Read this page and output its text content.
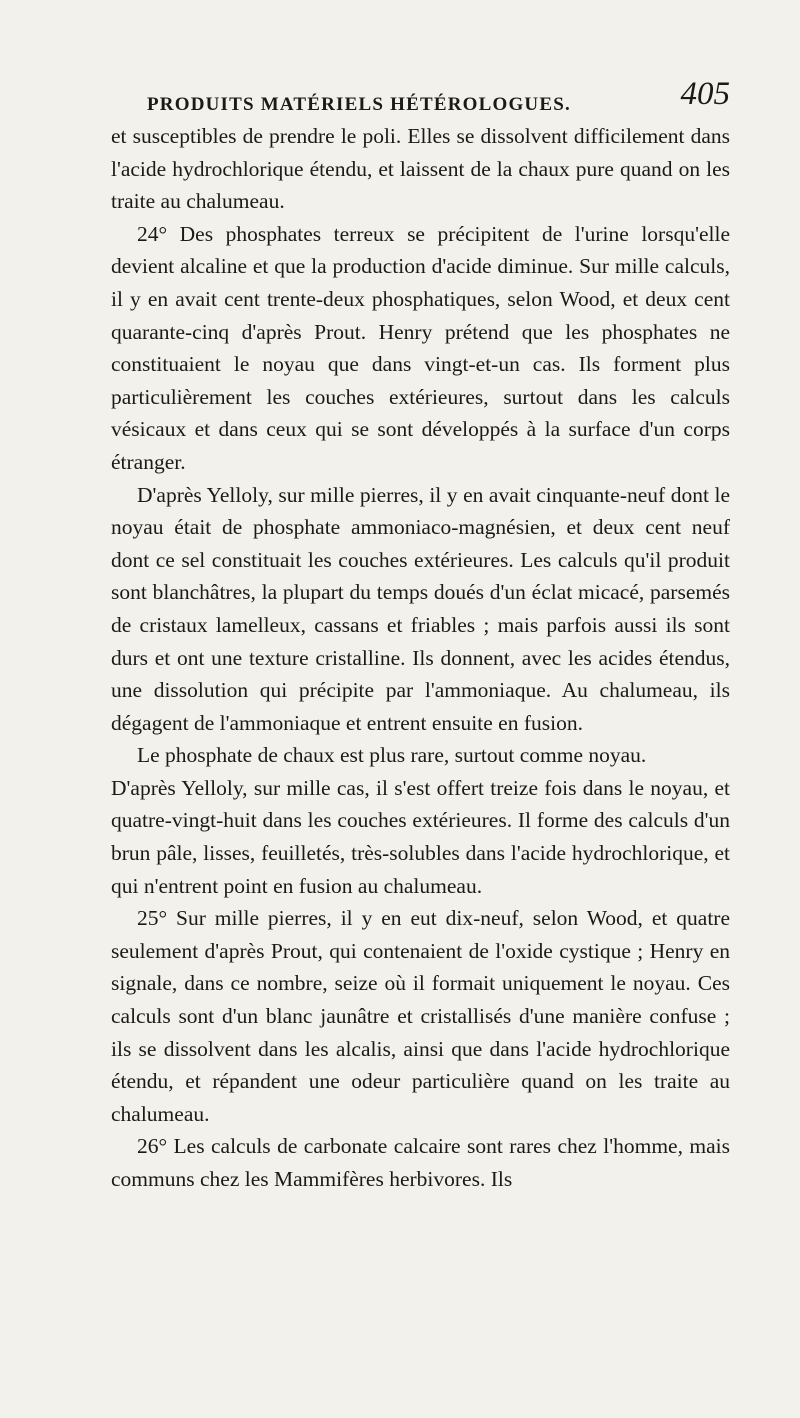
PRODUITS MATÉRIELS HÉTÉROLOGUES.	405

et susceptibles de prendre le poli. Elles se dissolvent difficilement dans l'acide hydrochlorique étendu, et laissent de la chaux pure quand on les traite au chalumeau.

24° Des phosphates terreux se précipitent de l'urine lorsqu'elle devient alcaline et que la production d'acide diminue. Sur mille calculs, il y en avait cent trente-deux phosphatiques, selon Wood, et deux cent quarante-cinq d'après Prout. Henry prétend que les phosphates ne constituaient le noyau que dans vingt-et-un cas. Ils forment plus particulièrement les couches extérieures, surtout dans les calculs vésicaux et dans ceux qui se sont développés à la surface d'un corps étranger.

D'après Yelloly, sur mille pierres, il y en avait cinquante-neuf dont le noyau était de phosphate ammoniaco-magnésien, et deux cent neuf dont ce sel constituait les couches extérieures. Les calculs qu'il produit sont blanchâtres, la plupart du temps doués d'un éclat micacé, parsemés de cristaux lamelleux, cassans et friables ; mais parfois aussi ils sont durs et ont une texture cristalline. Ils donnent, avec les acides étendus, une dissolution qui précipite par l'ammoniaque. Au chalumeau, ils dégagent de l'ammoniaque et entrent ensuite en fusion.

Le phosphate de chaux est plus rare, surtout comme noyau.

D'après Yelloly, sur mille cas, il s'est offert treize fois dans le noyau, et quatre-vingt-huit dans les couches extérieures. Il forme des calculs d'un brun pâle, lisses, feuilletés, très-solubles dans l'acide hydrochlorique, et qui n'entrent point en fusion au chalumeau.

25° Sur mille pierres, il y en eut dix-neuf, selon Wood, et quatre seulement d'après Prout, qui contenaient de l'oxide cystique ; Henry en signale, dans ce nombre, seize où il formait uniquement le noyau. Ces calculs sont d'un blanc jaunâtre et cristallisés d'une manière confuse ; ils se dissolvent dans les alcalis, ainsi que dans l'acide hydrochlorique étendu, et répandent une odeur particulière quand on les traite au chalumeau.

26° Les calculs de carbonate calcaire sont rares chez l'homme, mais communs chez les Mammifères herbivores. Ils
